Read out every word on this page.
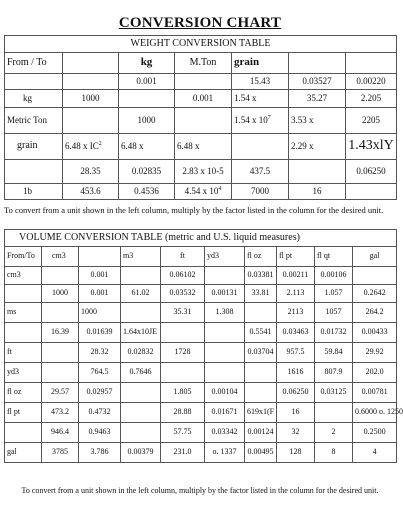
CONVERSION CHART
WEIGHT CONVERSION TABLE						
From / To		kg	M.Ton	grain		
		0.001		15.43	0.03527	0.00220
kg	1000		0.001	1.54 x	35.27	2.205
Metric Ton		1000		1.54 x $10^7$	3.53 x	2205
grain	6.48 x $IC^2$	6.48 x	6.48 x		2.29 x	1.43xlY
	28.35	0.02835	2.83 x 10-5	437.5		0.06250
1b	453.6	0.4536	4.54 x $10^4$	7000	16	
To convert from a unit shown in the left column, multiply by the factor listed in the column for the desired unit.
VOLUME CONVERSION TABLE (metric and U.S. liquid measures)									
From/To	cm3		m3	ft	yd3	fl oz	fl pt	fl qt	gal
cm3		0.001		0.06102		0.03381	0.00211	0.00106	
	1000	0.001	61.02	0.03532	0.00131	33.81	2.113	1.057	0.2642
ms		1000		35.31	1.308		2113	1057	264.2
	16.39	0.01639	1.64x10JE			0.5541	0.03463	0.01732	0.00433
ft		28.32	0.02832	1728		0.03704	957.5	59.84	29.92
yd3		764.5	0.7646				1616	807.9	202.0
fl oz	29.57	0.02957		1.805	0.00104		0.06250	0.03125	0.00781
fl pt	473.2	0.4732		28.88	0.01671	619x1(F	16		0.6000 o. 1250
	946.4	0.9463		57.75	0.03342	0.00124	32	2	0.2500
gal	3785	3.786	0.00379	231.0	o. 1337	0.00495	128	8	4
To convert from a unit shown in the left column, multiply by the factor listed in the column for the desired unit.
